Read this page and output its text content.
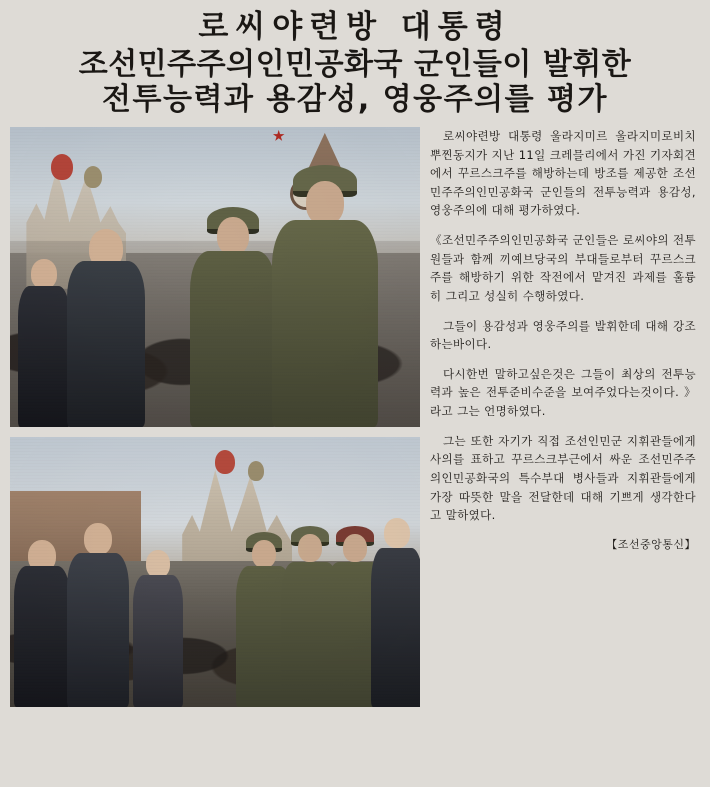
로씨야련방 대통령
조선민주주의인민공화국 군인들이 발휘한
전투능력과 용감성, 영웅주의를 평가

로씨야련방 대통령 울라지미르 울라지미로비치 뿌찐동지가 지난 11일 크레믈리에서 가진 기자회견에서 꾸르스크주를 해방하는데 방조를 제공한 조선민주주의인민공화국 군인들의 전투능력과 용감성, 영웅주의에 대해 평가하였다.

《조선민주주의인민공화국 군인들은 로씨야의 전투원들과 함께 끼예브당국의 부대들로부터 꾸르스크주를 해방하기 위한 작전에서 맡겨진 과제를 훌륭히 그리고 성실히 수행하였다.

그들이 용감성과 영웅주의를 발휘한데 대해 강조하는바이다.

다시한번 말하고싶은것은 그들이 최상의 전투능력과 높은 전투준비수준을 보여주었다는것이다. 》라고 그는 언명하였다.

그는 또한 자기가 직접 조선인민군 지휘관들에게 사의를 표하고 꾸르스크부근에서 싸운 조선민주주의인민공화국의 특수부대 병사들과 지휘관들에게 가장 따뜻한 말을 전달한데 대해 기쁘게 생각한다고 말하였다.

【조선중앙통신】
